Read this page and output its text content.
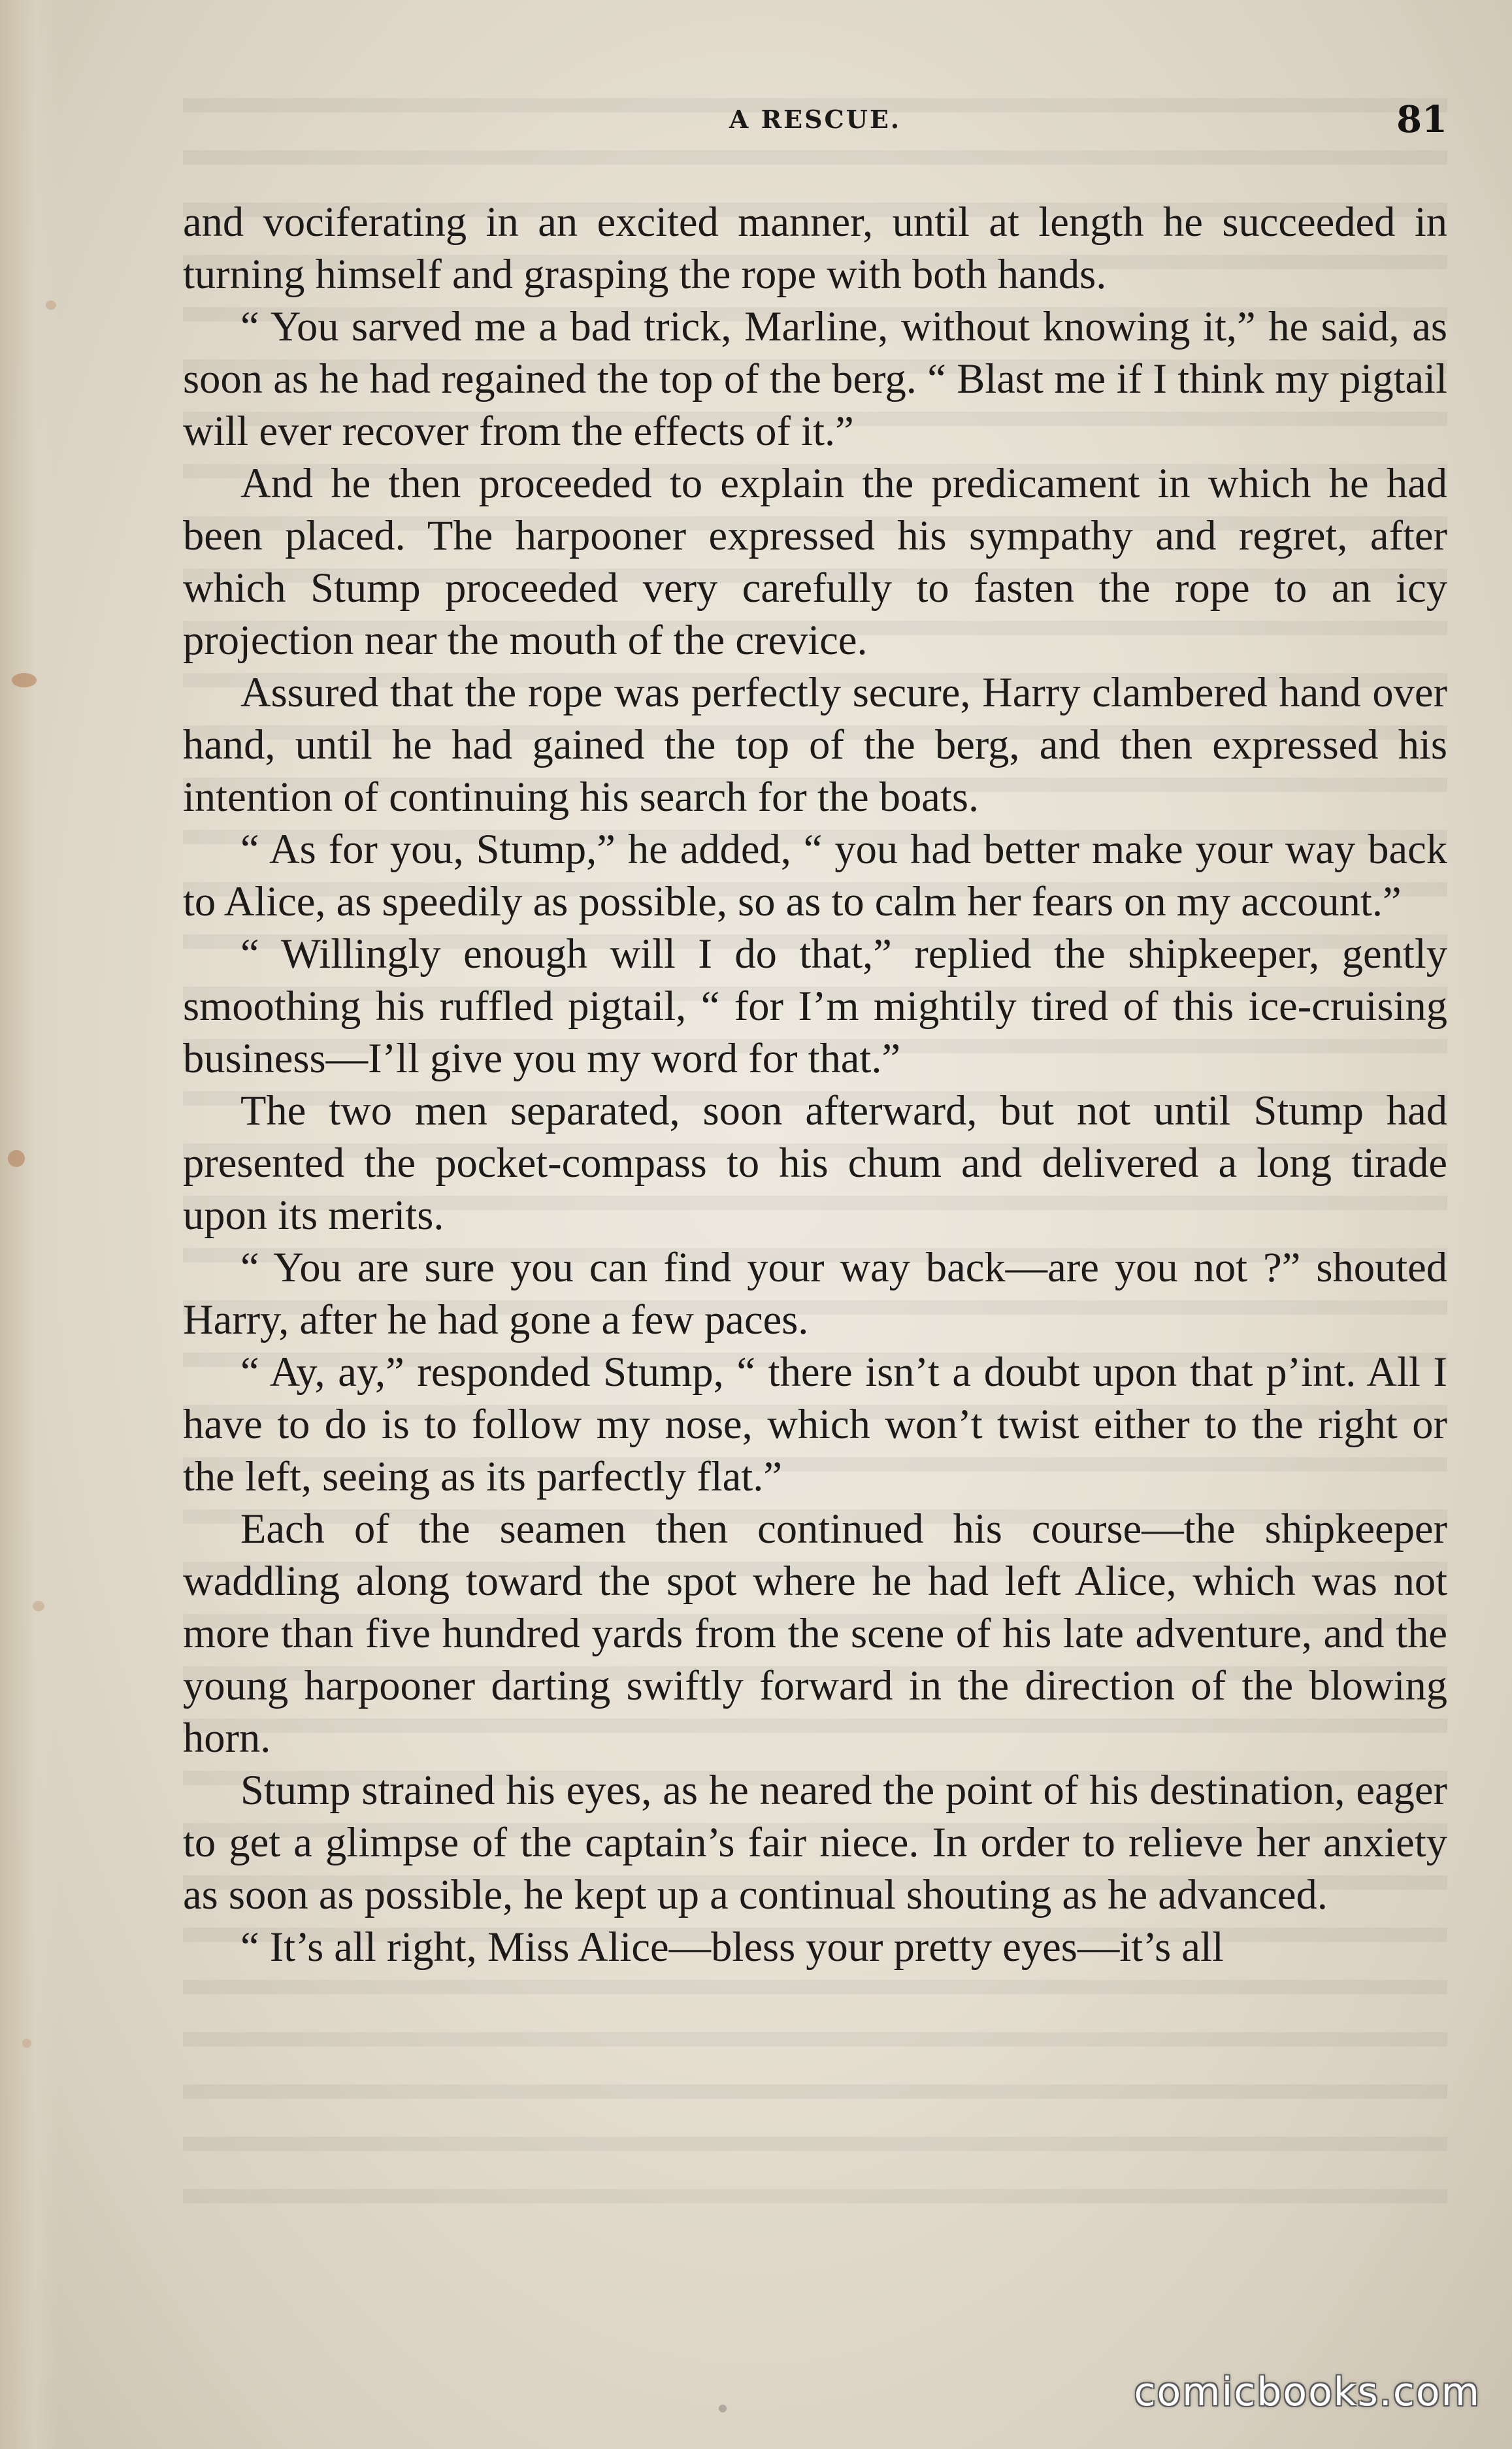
A RESCUE.	81

and vociferating in an excited manner, until at length he succeeded in turning himself and grasping the rope with both hands.

“ You sarved me a bad trick, Marline, without knowing it,” he said, as soon as he had regained the top of the berg. “ Blast me if I think my pigtail will ever recover from the effects of it.”

And he then proceeded to explain the predicament in which he had been placed. The harpooner expressed his sympathy and regret, after which Stump proceeded very carefully to fasten the rope to an icy projection near the mouth of the crevice.

Assured that the rope was perfectly secure, Harry clambered hand over hand, until he had gained the top of the berg, and then expressed his intention of continuing his search for the boats.

“ As for you, Stump,” he added, “ you had better make your way back to Alice, as speedily as possible, so as to calm her fears on my account.”

“ Willingly enough will I do that,” replied the shipkeeper, gently smoothing his ruffled pigtail, “ for I’m mightily tired of this ice-cruising business—I’ll give you my word for that.”

The two men separated, soon afterward, but not until Stump had presented the pocket-compass to his chum and delivered a long tirade upon its merits.

“ You are sure you can find your way back—are you not ?” shouted Harry, after he had gone a few paces.

“ Ay, ay,” responded Stump, “ there isn’t a doubt upon that p’int. All I have to do is to follow my nose, which won’t twist either to the right or the left, seeing as its parfectly flat.”

Each of the seamen then continued his course—the shipkeeper waddling along toward the spot where he had left Alice, which was not more than five hundred yards from the scene of his late adventure, and the young harpooner darting swiftly forward in the direction of the blowing horn.

Stump strained his eyes, as he neared the point of his destination, eager to get a glimpse of the captain’s fair niece. In order to relieve her anxiety as soon as possible, he kept up a continual shouting as he advanced.

“ It’s all right, Miss Alice—bless your pretty eyes—it’s all

comicbooks.com
